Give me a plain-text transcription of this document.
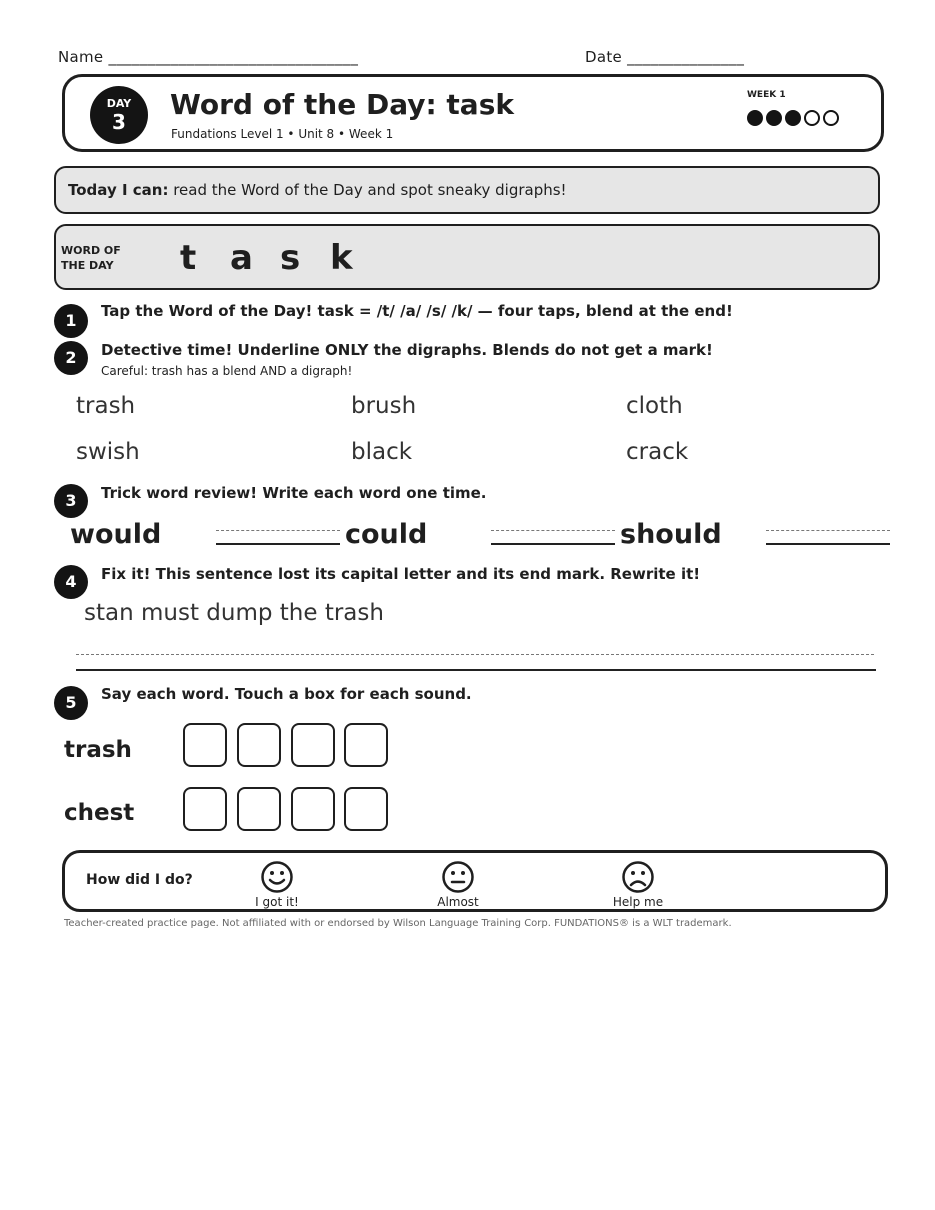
Name ________________________________	Date _______________
DAY
3
Word of the Day: task
Fundations Level 1 • Unit 8 • Week 1
WEEK 1
Today I can: read the Word of the Day and spot sneaky digraphs!
WORD OF
THE DAY t a s k
1	Tap the Word of the Day! task = /t/ /a/ /s/ /k/ — four taps, blend at the end!
2	Detective time! Underline ONLY the digraphs. Blends do not get a mark!
Careful: trash has a blend AND a digraph!
trash	brush	cloth
swish	black	crack
3	Trick word review! Write each word one time.
would	could	should
4	Fix it! This sentence lost its capital letter and its end mark. Rewrite it!
stan must dump the trash
5	Say each word. Touch a box for each sound.
trash
chest
How did I do?
I got it!	Almost	Help me
Teacher-created practice page. Not affiliated with or endorsed by Wilson Language Training Corp. FUNDATIONS® is a WLT trademark.
